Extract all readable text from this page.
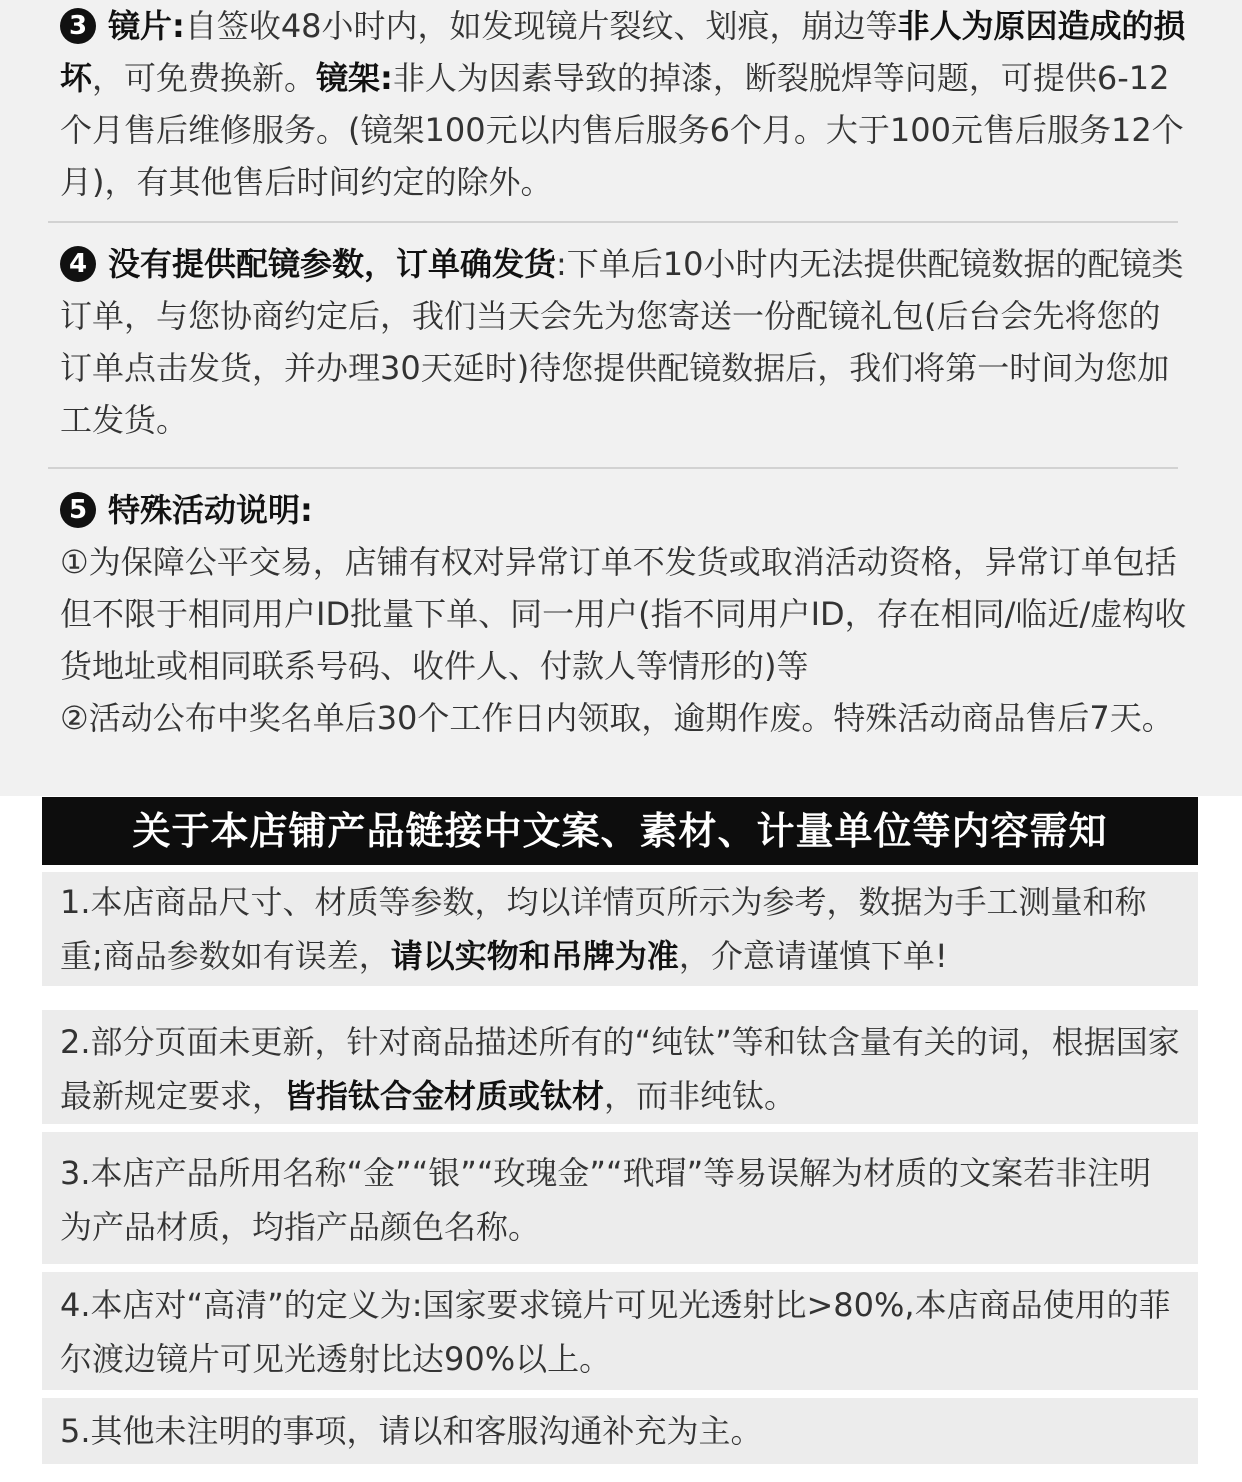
3 镜片:自签收48小时内，如发现镜片裂纹、划痕，崩边等非人为原因造成的损坏，可免费换新。镜架:非人为因素导致的掉漆，断裂脱焊等问题，可提供6-12个月售后维修服务。(镜架100元以内售后服务6个月。大于100元售后服务12个月)，有其他售后时间约定的除外。
4 没有提供配镜参数，订单确发货:下单后10小时内无法提供配镜数据的配镜类订单，与您协商约定后，我们当天会先为您寄送一份配镜礼包(后台会先将您的订单点击发货，并办理30天延时)待您提供配镜数据后，我们将第一时间为您加工发货。
5 特殊活动说明:
①为保障公平交易，店铺有权对异常订单不发货或取消活动资格，异常订单包括但不限于相同用户ID批量下单、同一用户(指不同用户ID，存在相同/临近/虚构收货地址或相同联系号码、收件人、付款人等情形的)等
②活动公布中奖名单后30个工作日内领取，逾期作废。特殊活动商品售后7天。
关于本店铺产品链接中文案、素材、计量单位等内容需知
1.本店商品尺寸、材质等参数，均以详情页所示为参考，数据为手工测量和称重;商品参数如有误差，请以实物和吊牌为准，介意请谨慎下单!
2.部分页面未更新，针对商品描述所有的“纯钛”等和钛含量有关的词，根据国家最新规定要求，皆指钛合金材质或钛材，而非纯钛。
3.本店产品所用名称“金”“银”“玫瑰金”“玳瑁”等易误解为材质的文案若非注明为产品材质，均指产品颜色名称。
4.本店对“高清”的定义为:国家要求镜片可见光透射比>80%,本店商品使用的菲尔渡边镜片可见光透射比达90%以上。
5.其他未注明的事项，请以和客服沟通补充为主。
